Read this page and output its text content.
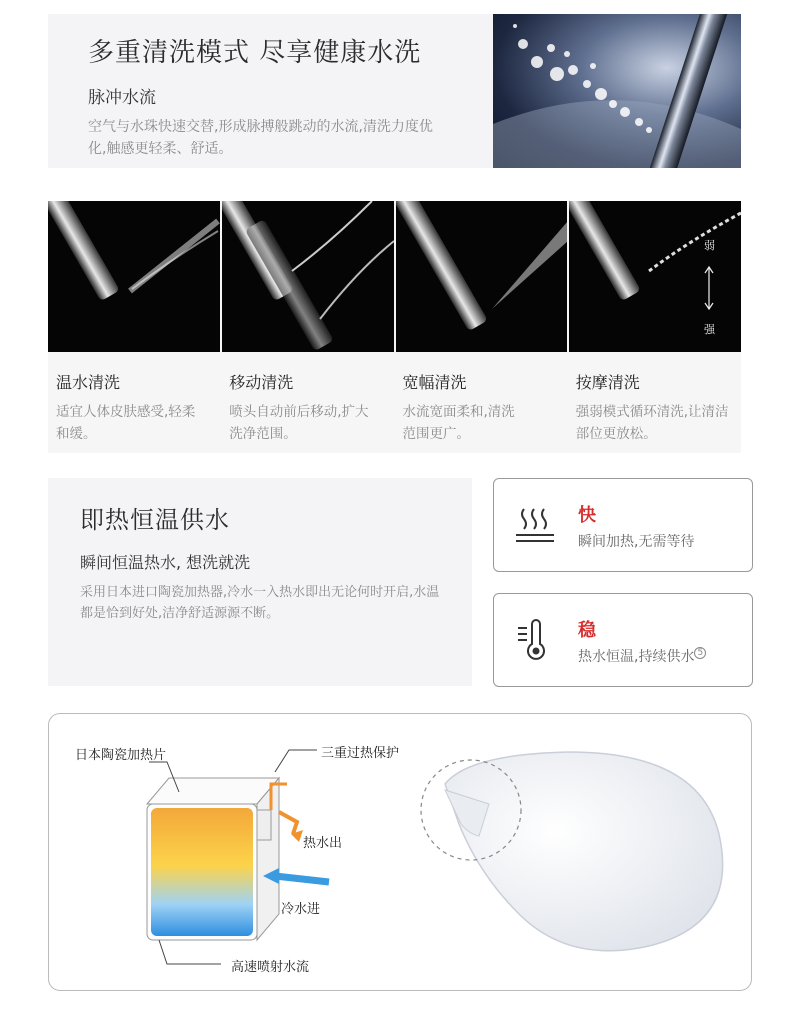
多重清洗模式 尽享健康水洗
脉冲水流

空气与水珠快速交替,形成脉搏般跳动的水流,清洗力度优化,触感更轻柔、舒适。

弱
强
温水清洗
适宜人体皮肤感受,轻柔和缓。
移动清洗
喷头自动前后移动,扩大洗净范围。
宽幅清洗
水流宽面柔和,清洗范围更广。
按摩清洗
强弱模式循环清洗,让清洁部位更放松。
即热恒温供水
瞬间恒温热水, 想洗就洗

采用日本进口陶瓷加热器,冷水一入热水即出无论何时开启,水温都是恰到好处,洁净舒适源源不断。

快
瞬间加热,无需等待
稳
热水恒温,持续供水 $^5$
日本陶瓷加热片	三重过热保护
热水出
冷水进
高速喷射水流
